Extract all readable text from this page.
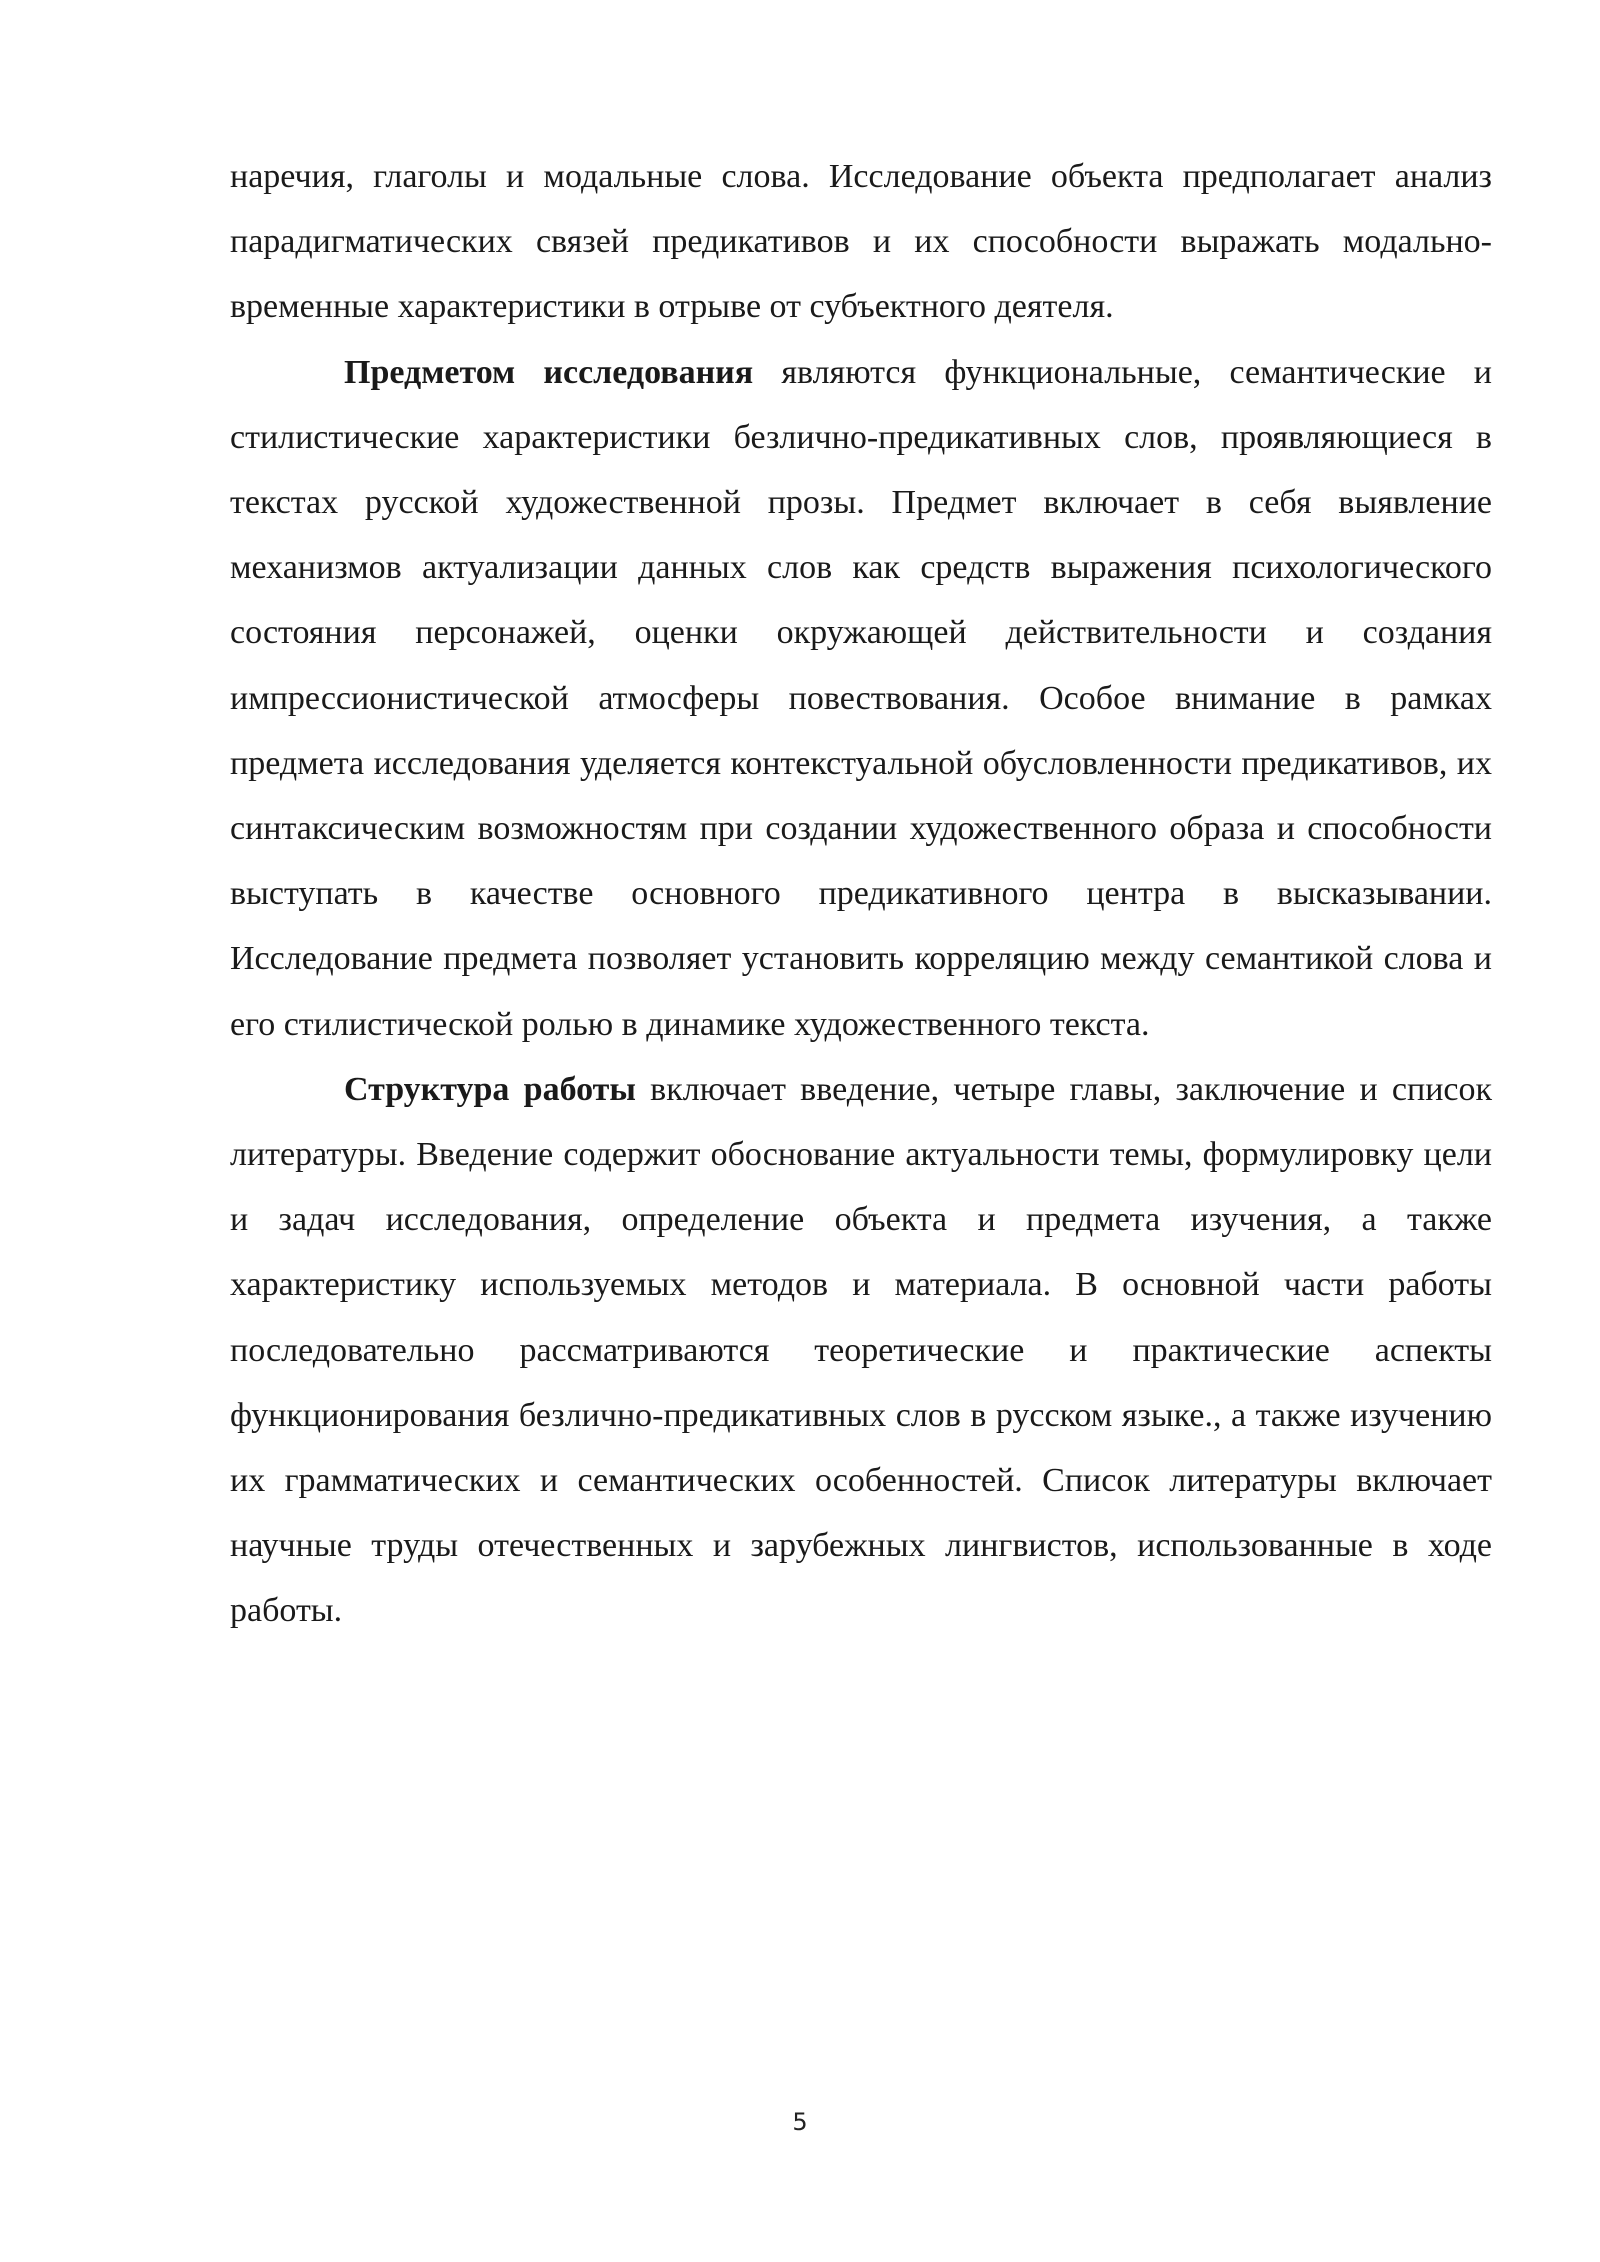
наречия, глаголы и модальные слова. Исследование объекта предполагает анализ парадигматических связей предикативов и их способности выражать модально-временные характеристики в отрыве от субъектного деятеля.

Предметом исследования являются функциональные, семантические и стилистические характеристики безлично-предикативных слов, проявляющиеся в текстах русской художественной прозы. Предмет включает в себя выявление механизмов актуализации данных слов как средств выражения психологического состояния персонажей, оценки окружающей действительности и создания импрессионистической атмосферы повествования. Особое внимание в рамках предмета исследования уделяется контекстуальной обусловленности предикативов, их синтаксическим возможностям при создании художественного образа и способности выступать в качестве основного предикативного центра в высказывании. Исследование предмета позволяет установить корреляцию между семантикой слова и его стилистической ролью в динамике художественного текста.

Структура работы включает введение, четыре главы, заключение и список литературы. Введение содержит обоснование актуальности темы, формулировку цели и задач исследования, определение объекта и предмета изучения, а также характеристику используемых методов и материала. В основной части работы последовательно рассматриваются теоретические и практические аспекты функционирования безлично-предикативных слов в русском языке., а также изучению их грамматических и семантических особенностей. Список литературы включает научные труды отечественных и зарубежных лингвистов, использованные в ходе работы.

5
